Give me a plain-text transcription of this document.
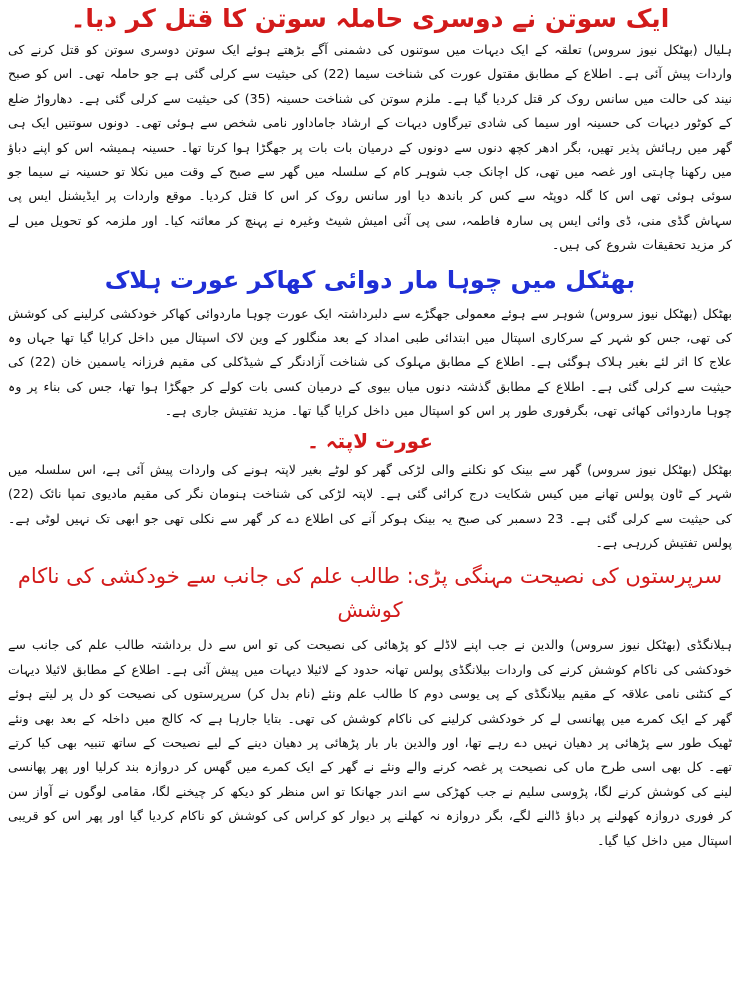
ایک سوتن نے دوسری حاملہ سوتن کا قتل کر دیا۔

ہلیال (بھٹکل نیوز سروس) تعلقہ کے ایک دیہات میں سوتنوں کی دشمنی آگے بڑھتے ہوئے ایک سوتن دوسری سوتن کو قتل کرنے کی واردات پیش آئی ہے۔ اطلاع کے مطابق مقتول عورت کی شناخت سیما (22) کی حیثیت سے کرلی گئی ہے جو حاملہ تھی۔ اس کو صبح نیند کی حالت میں سانس روک کر قتل کردیا گیا ہے۔ ملزم سوتن کی شناخت حسینہ (35) کی حیثیت سے کرلی گئی ہے۔ دھارواڑ ضلع کے کوٹور دیہات کی حسینہ اور سیما کی شادی تیرگاوں دیہات کے ارشاد جاماداور نامی شخص سے ہوئی تھی۔ دونوں سوتنیں ایک ہی گھر میں رہائش پذیر تھیں، بگر ادھر کچھ دنوں سے دونوں کے درمیان بات بات پر جھگڑا ہوا کرتا تھا۔ حسینہ ہمیشہ اس کو اپنے دباؤ میں رکھنا چاہتی اور غصہ میں تھی، کل اچانک جب شوہر کام کے سلسلہ میں گھر سے صبح کے وقت میں نکلا تو حسینہ نے سیما جو سوئی ہوئی تھی اس کا گلہ دوپٹہ سے کس کر باندھ دیا اور سانس روک کر اس کا قتل کردیا۔ موقع واردات پر ایڈیشنل ایس پی سہاش گڈی منی، ڈی وائی ایس پی سارہ فاطمہ، سی پی آئی امیش شیٹ وغیرہ نے پہنچ کر معائنہ کیا۔ اور ملزمہ کو تحویل میں لے کر مزید تحقیقات شروع کی ہیں۔

بھٹکل میں چوہا مار دوائی کھاکر عورت ہلاک

بھٹکل (بھٹکل نیوز سروس) شوہر سے ہوئے معمولی جھگڑے سے دلبرداشتہ ایک عورت چوہا ماردوائی کھاکر خودکشی کرلینے کی کوشش کی تھی، جس کو شہر کے سرکاری اسپتال میں ابتدائی طبی امداد کے بعد منگلور کے وین لاک اسپتال میں داخل کرایا گیا تھا جہاں وہ علاج کا اثر لئے بغیر ہلاک ہوگئی ہے۔ اطلاع کے مطابق مہلوک کی شناخت آزادنگر کے شیڈکلی کی مقیم فرزانہ یاسمین خان (22) کی حیثیت سے کرلی گئی ہے۔ اطلاع کے مطابق گذشتہ دنوں میاں بیوی کے درمیان کسی بات کولے کر جھگڑا ہوا تھا، جس کی بناء پر وہ چوہا ماردوائی کھائی تھی، بگرفوری طور پر اس کو اسپتال میں داخل کرایا گیا تھا۔ مزید تفتیش جاری ہے۔

عورت لاپتہ ۔

بھٹکل (بھٹکل نیوز سروس) گھر سے بینک کو نکلنے والی لڑکی گھر کو لوٹے بغیر لاپتہ ہونے کی واردات پیش آئی ہے، اس سلسلہ میں شہر کے ٹاون پولس تھانے میں کیس شکایت درج کرائی گئی ہے۔ لاپتہ لڑکی کی شناخت ہنومان نگر کی مقیم مادیوی تمپا نائک (22) کی حیثیت سے کرلی گئی ہے۔ 23 دسمبر کی صبح یہ بینک ہوکر آنے کی اطلاع دے کر گھر سے نکلی تھی جو ابھی تک نہیں لوٹی ہے۔ پولس تفتیش کررہی ہے۔

سرپرستوں کی نصیحت مہنگی پڑی: طالب علم کی جانب سے خودکشی کی ناکام کوشش

ہیلانگڈی (بھٹکل نیوز سروس) والدین نے جب اپنے لاڈلے کو پڑھائی کی نصیحت کی تو اس سے دل برداشتہ طالب علم کی جانب سے خودکشی کی ناکام کوشش کرنے کی واردات بیلانگڈی پولس تھانہ حدود کے لائیلا دیہات میں پیش آئی ہے۔ اطلاع کے مطابق لائیلا دیہات کے کنٹنی نامی علاقہ کے مقیم بیلانگڈی کے پی یوسی دوم کا طالب علم ونئے (نام بدل کر) سرپرستوں کی نصیحت کو دل پر لیتے ہوئے گھر کے ایک کمرے میں پھانسی لے کر خودکشی کرلینے کی ناکام کوشش کی تھی۔ بتایا جارہا ہے کہ کالج میں داخلہ کے بعد بھی ونئے ٹھیک طور سے پڑھائی پر دھیان نہیں دے رہے تھا، اور والدین بار بار پڑھائی پر دھیان دینے کے لیے نصیحت کے ساتھ تنبیہ بھی کیا کرتے تھے۔ کل بھی اسی طرح ماں کی نصیحت پر غصہ کرنے والے ونئے نے گھر کے ایک کمرے میں گھس کر دروازہ بند کرلیا اور پھر پھانسی لینے کی کوشش کرنے لگا، پڑوسی سلیم نے جب کھڑکی سے اندر جھانکا تو اس منظر کو دیکھ کر چیخنے لگا، مقامی لوگوں نے آواز سن کر فوری دروازہ کھولنے پر دباؤ ڈالنے لگے، بگر دروازہ نہ کھلنے پر دیوار کو کراس کی کوشش کو ناکام کردیا گیا اور پھر اس کو قریبی اسپتال میں داخل کیا گیا۔
